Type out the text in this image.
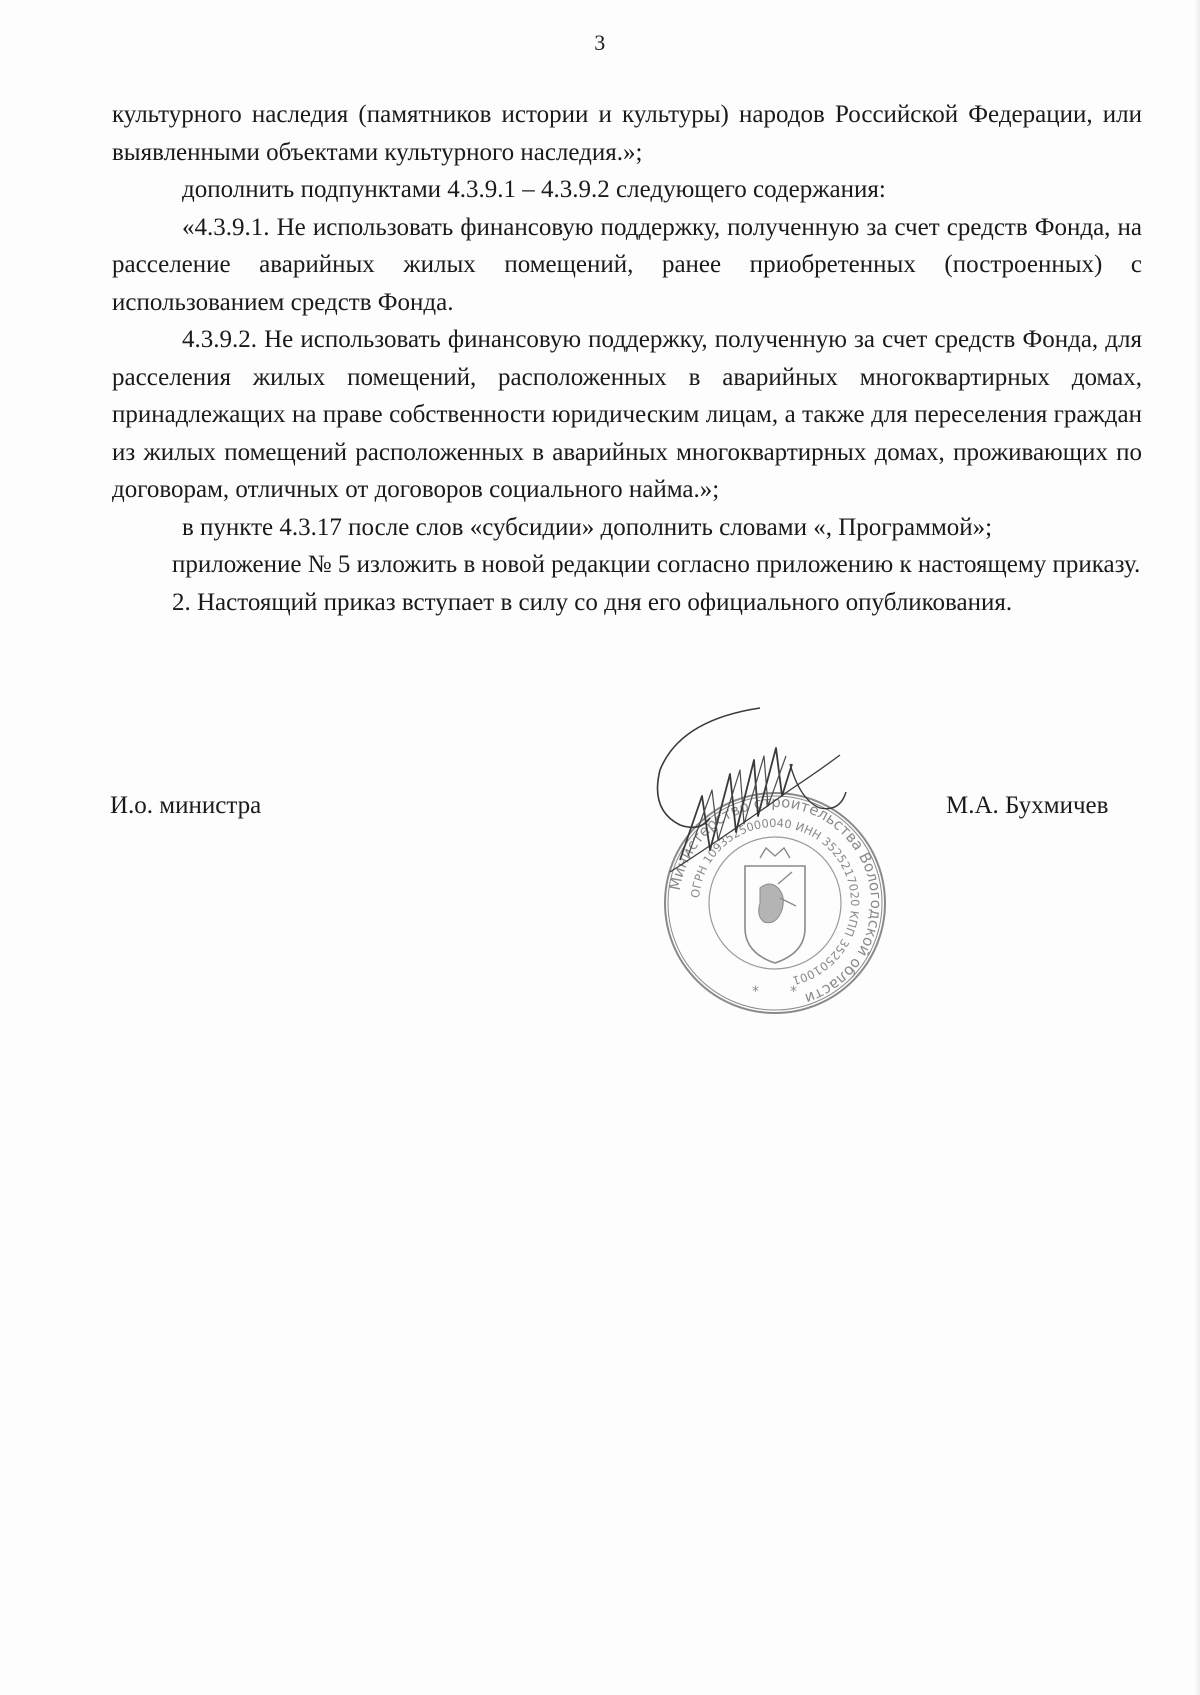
3

культурного наследия (памятников истории и культуры) народов Российской Федерации, или выявленными объектами культурного наследия.»;

дополнить подпунктами 4.3.9.1 – 4.3.9.2 следующего содержания:

«4.3.9.1. Не использовать финансовую поддержку, полученную за счет средств Фонда, на расселение аварийных жилых помещений, ранее приобретенных (построенных) с использованием средств Фонда.

4.3.9.2. Не использовать финансовую поддержку, полученную за счет средств Фонда, для расселения жилых помещений, расположенных в аварийных многоквартирных домах, принадлежащих на праве собственности юридическим лицам, а также для переселения граждан из жилых помещений расположенных в аварийных многоквартирных домах, проживающих по договорам, отличных от договоров социального найма.»;

в пункте 4.3.17 после слов «субсидии» дополнить словами «, Программой»;

приложение № 5 изложить в новой редакции согласно приложению к настоящему приказу.

2. Настоящий приказ вступает в силу со дня его официального опубликования.

И.о. министра	М.А. Бухмичев
Министерство строительства Вологодской области
ОГРН 1093525000040 ИНН 3525217020 КПП 352501001
* *
